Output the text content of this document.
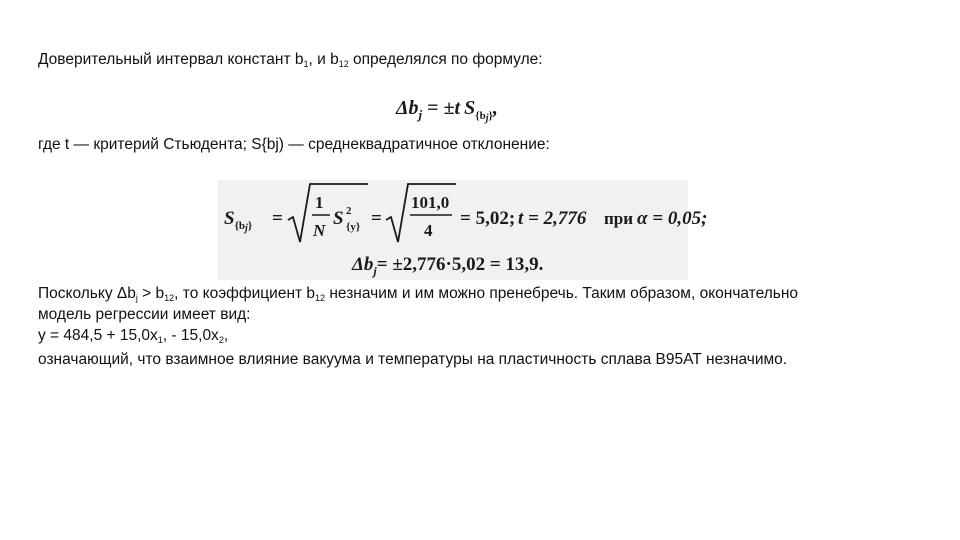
Доверительный интервал констант $b_1$, и $b_{12}$ определялся по формуле:
$\Delta b_j = \pm t$ $S_{\{b}j$},
где t — критерий Стьюдента; S{bj) — среднеквадратичное отклонение:
$S_{\{b}j$} =
1
N
S 2
{y} =
101,0
4
= 5,02; t = 2,776 при α = 0,05;
$\Delta b_j= \pm 2,776\cdot 5,02 = 13,9$.
Поскольку $\Delta b_j > b_{12}$, то коэффициент $b_{12}$ незначим и им можно пренебречь. Таким образом, окончательно
модель регрессии имеет вид:
$y = 484,5 + 15,0x_1$, - $15,0x_2$,
означающий, что взаимное влияние вакуума и температуры на пластичность сплава В95АТ незначимо.
